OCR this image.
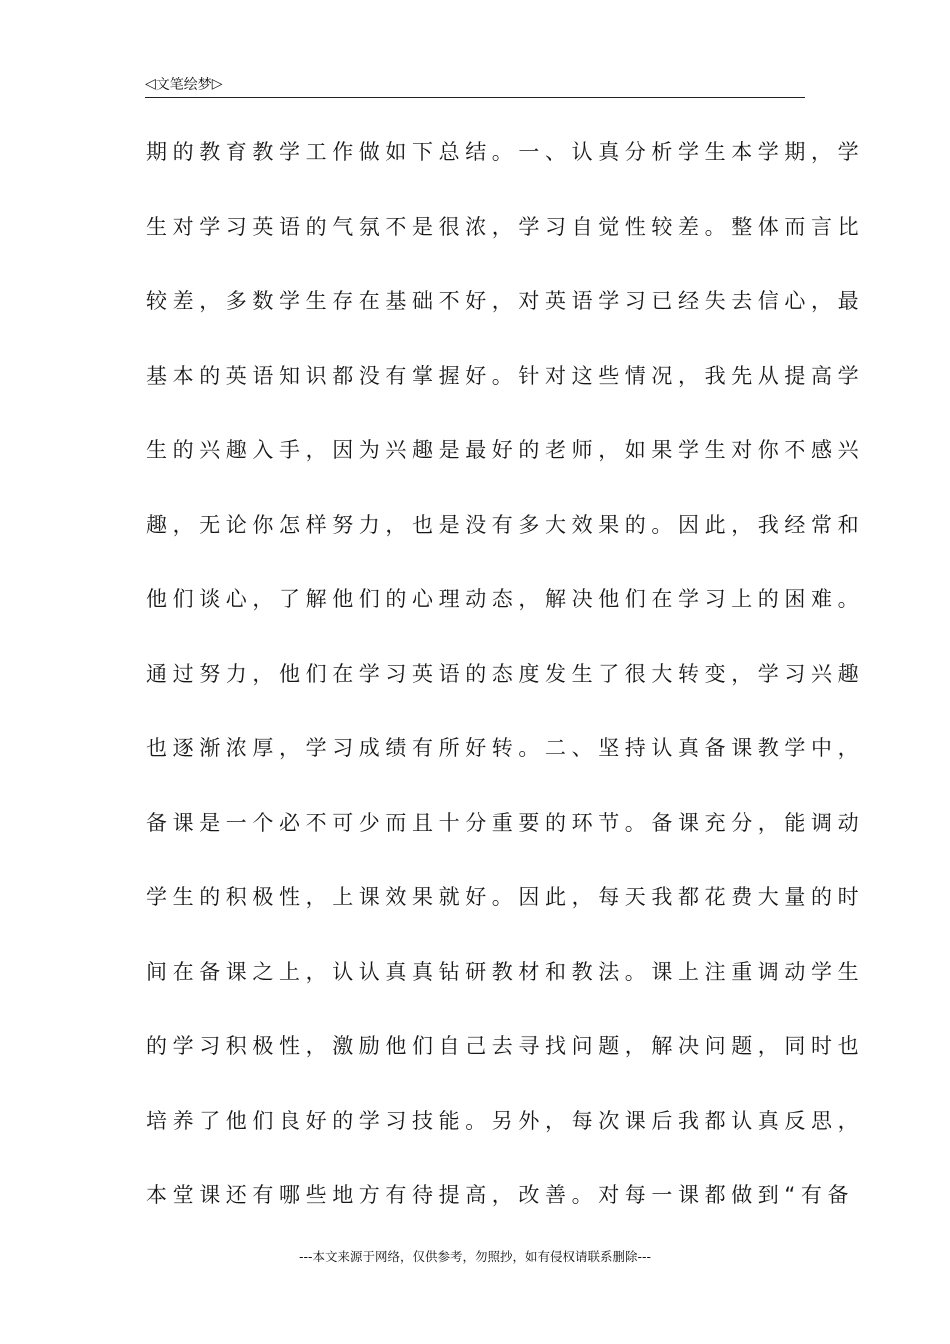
◁ 文笔绘梦 ▷
期的教育教学工作做如下总结。一、认真分析学生本学期，学
生对学习英语的气氛不是很浓，学习自觉性较差。整体而言比
较差，多数学生存在基础不好，对英语学习已经失去信心，最
基本的英语知识都没有掌握好。针对这些情况，我先从提高学
生的兴趣入手，因为兴趣是最好的老师，如果学生对你不感兴
趣，无论你怎样努力，也是没有多大效果的。因此，我经常和
他们谈心，了解他们的心理动态，解决他们在学习上的困难。
通过努力，他们在学习英语的态度发生了很大转变，学习兴趣
也逐渐浓厚，学习成绩有所好转。二、坚持认真备课教学中，
备课是一个必不可少而且十分重要的环节。备课充分，能调动
学生的积极性，上课效果就好。因此，每天我都花费大量的时
间在备课之上，认认真真钻研教材和教法。课上注重调动学生
的学习积极性，激励他们自己去寻找问题，解决问题，同时也
培养了他们良好的学习技能。另外，每次课后我都认真反思，
本堂课还有哪些地方有待提高，改善。对每一课都做到“有备
---本文来源于网络，仅供参考，勿照抄，如有侵权请联系删除---
